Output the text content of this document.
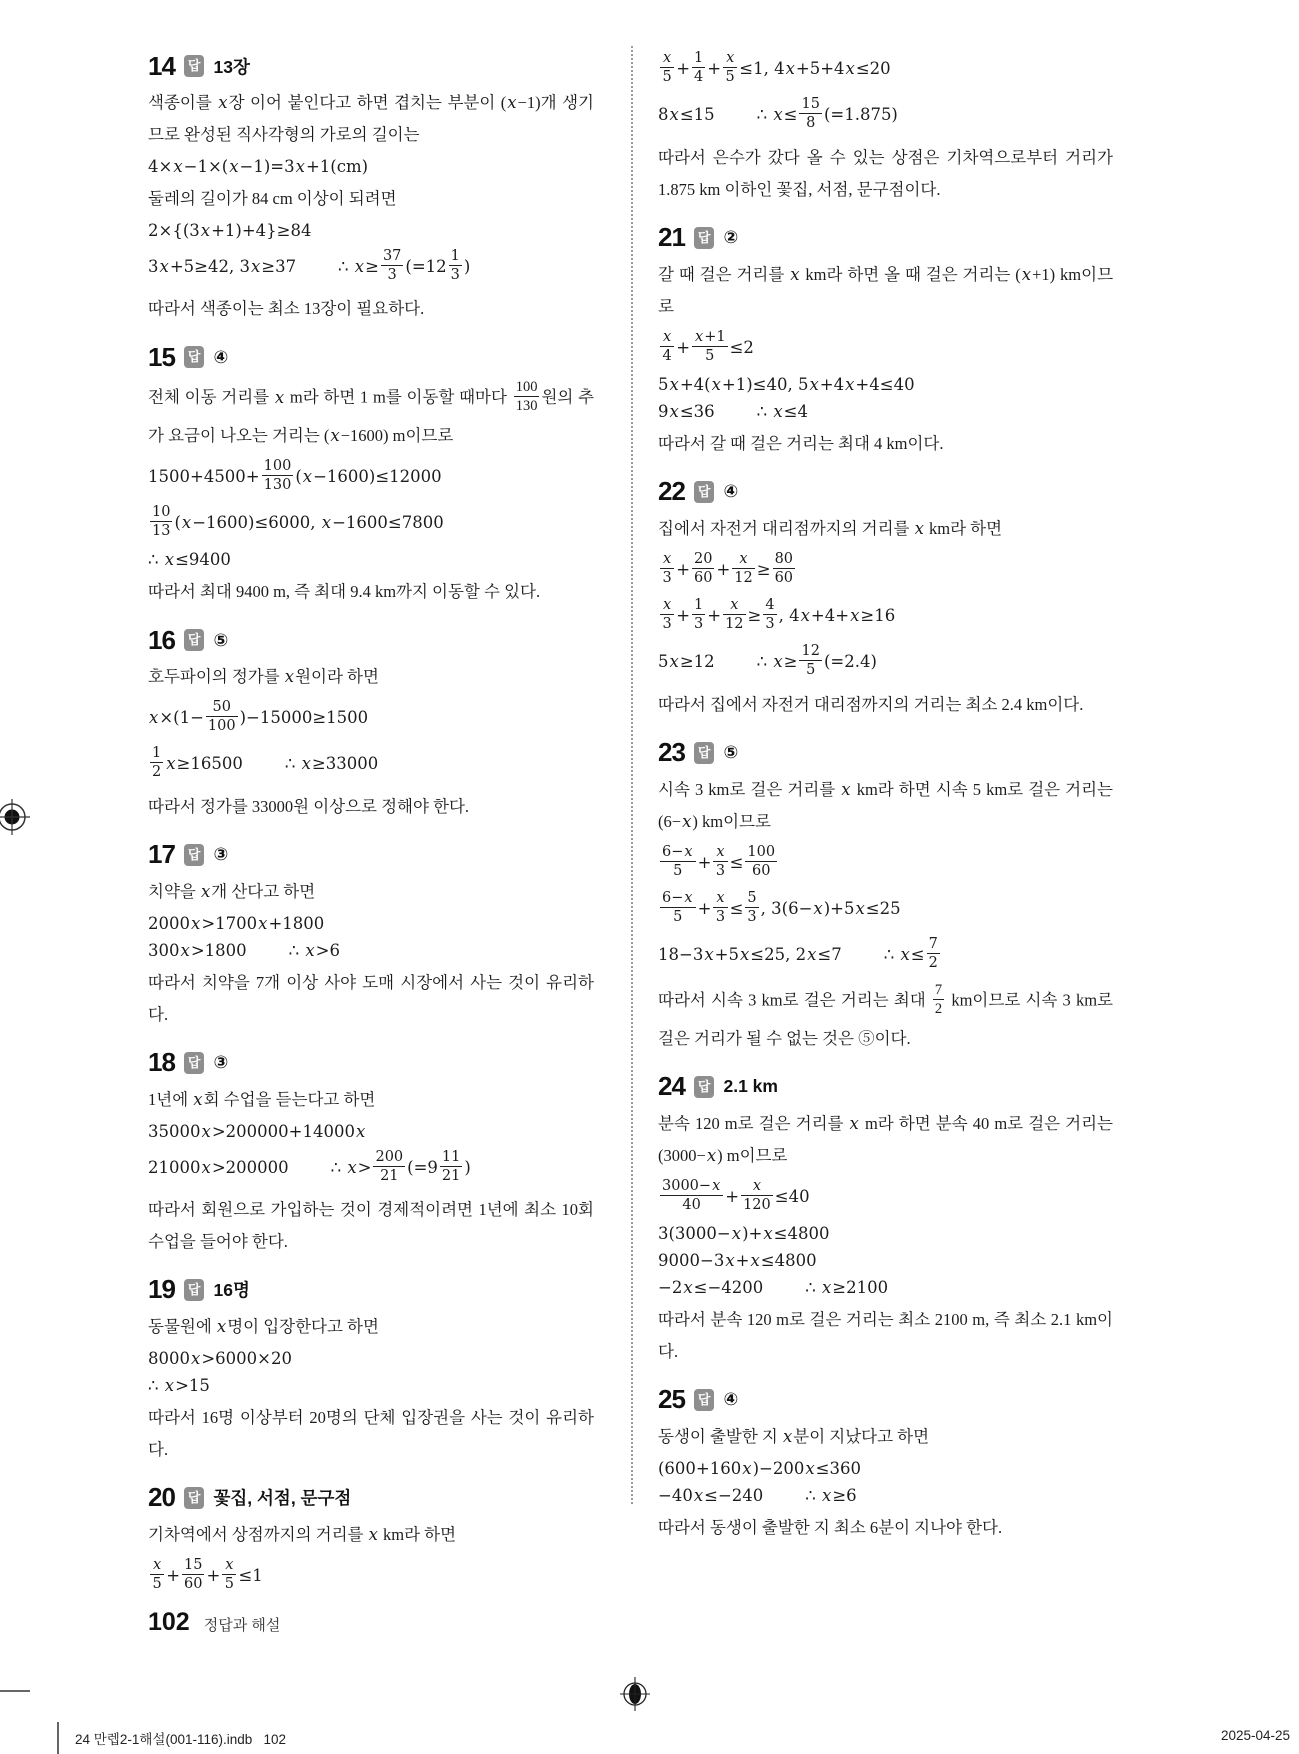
14	답 13장
색종이를 x장 이어 붙인다고 하면 겹치는 부분이 (x−1)개 생기므로 완성된 직사각형의 가로의 길이는
4×x−1×(x−1)=3x+1(cm)
둘레의 길이가 84 cm 이상이 되려면
2×{(3x+1)+4}≥84
3x+5≥42, 3x≥37        ∴ $x\ge \frac{37}{3} (=12 \frac{1}{3}$ )
따라서 색종이는 최소 13장이 필요하다.
15	답 ④
전체 이동 거리를 x m라 하면 1 m를 이동할 때마다 $\frac{100}{130}$ 원의 추가 요금이 나오는 거리는 (x−1600) m이므로
$1500+4500+ \frac{100}{130} (x-1600)\le 12000$
$\frac{10}{13} (x-1600)\le 6000$, x−1600≤7800
∴ x≤9400
따라서 최대 9400 m, 즉 최대 9.4 km까지 이동할 수 있다.
16	답 ⑤
호두파이의 정가를 x원이라 하면
$x\times(1- \frac{50}{100} )-15000\ge 1500$
$\frac{1}{2} x\ge 16500$        ∴ x≥33000
따라서 정가를 33000원 이상으로 정해야 한다.
17	답 ③
치약을 x개 산다고 하면
2000x>1700x+1800
300x>1800        ∴ x>6
따라서 치약을 7개 이상 사야 도매 시장에서 사는 것이 유리하다.
18	답 ③
1년에 x회 수업을 듣는다고 하면
35000x>200000+14000x
21000x>200000        ∴ $x> \frac{200}{21} (=9 \frac{11}{21}$ )
따라서 회원으로 가입하는 것이 경제적이려면 1년에 최소 10회 수업을 들어야 한다.
19	답 16명
동물원에 x명이 입장한다고 하면
8000x>6000×20
∴ x>15
따라서 16명 이상부터 20명의 단체 입장권을 사는 것이 유리하다.
20	답 꽃집, 서점, 문구점
기차역에서 상점까지의 거리를 x km라 하면
$\frac{x}{5} + \frac{15}{60} + \frac{x}{5} \le 1$
$\frac{x}{5} + \frac{1}{4} + \frac{x}{5} \le 1$, 4x+5+4x≤20
8x≤15        ∴ $x\le \frac{15}{8} (=1.875)$
따라서 은수가 갔다 올 수 있는 상점은 기차역으로부터 거리가 1.875 km 이하인 꽃집, 서점, 문구점이다.
21	답 ②
갈 때 걸은 거리를 x km라 하면 올 때 걸은 거리는 (x+1) km이므로
$\frac{x}{4} + \frac{x+1}{5} \le 2$
5x+4(x+1)≤40, 5x+4x+4≤40
9x≤36        ∴ x≤4
따라서 갈 때 걸은 거리는 최대 4 km이다.
22	답 ④
집에서 자전거 대리점까지의 거리를 x km라 하면
$\frac{x}{3} + \frac{20}{60} + \frac{x}{12} \ge \frac{80}{60}$
$\frac{x}{3} + \frac{1}{3} + \frac{x}{12} \ge \frac{4}{3}$ , 4x+4+x≥16
5x≥12        ∴ $x\ge \frac{12}{5} (=2.4)$
따라서 집에서 자전거 대리점까지의 거리는 최소 2.4 km이다.
23	답 ⑤
시속 3 km로 걸은 거리를 x km라 하면 시속 5 km로 걸은 거리는 (6−x) km이므로
$\frac{6-x}{5} + \frac{x}{3} \le \frac{100}{60}$
$\frac{6-x}{5} + \frac{x}{3} \le \frac{5}{3}$ , 3(6−x)+5x≤25
18−3x+5x≤25, 2x≤7        ∴ $x\le \frac{7}{2}$
따라서 시속 3 km로 걸은 거리는 최대 $\frac{7}{2}$ km이므로 시속 3 km로 걸은 거리가 될 수 없는 것은 ⑤이다.
24	답 2.1 km
분속 120 m로 걸은 거리를 x m라 하면 분속 40 m로 걸은 거리는 (3000−x) m이므로
$\frac{3000-x}{40} + \frac{x}{120} \le 40$
3(3000−x)+x≤4800
9000−3x+x≤4800
−2x≤−4200        ∴ x≥2100
따라서 분속 120 m로 걸은 거리는 최소 2100 m, 즉 최소 2.1 km이다.
25	답 ④
동생이 출발한 지 x분이 지났다고 하면
(600+160x)−200x≤360
−40x≤−240        ∴ x≥6
따라서 동생이 출발한 지 최소 6분이 지나야 한다.
102 정답과 해설
24 만렙2-1해설(001-116).indb   102	2025-04-25
